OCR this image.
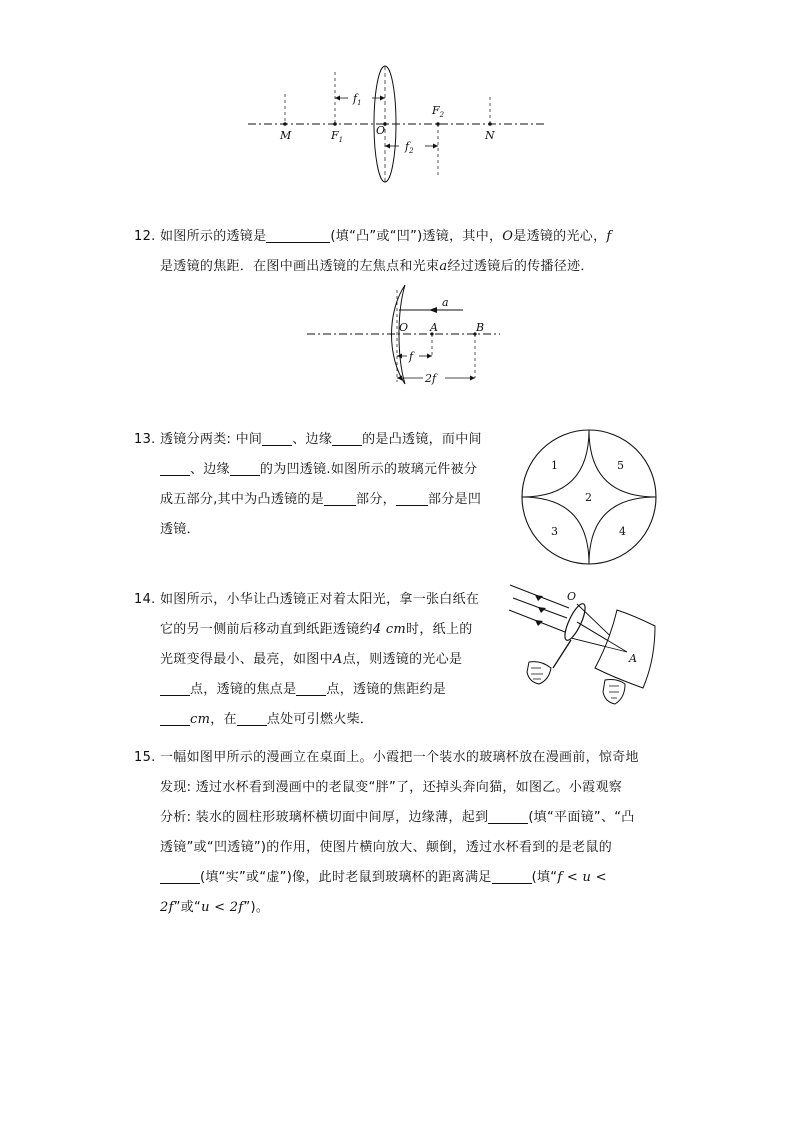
$f_1$
$f_2$
M	$F_1$
O
$F_2$
N
12. 如图所示的透镜是	(填“凸”或“凹”)透镜，其中，O是透镜的光心，f
是透镜的焦距．在图中画出透镜的左焦点和光束a经过透镜后的传播径迹．
a
O A	B
f
2f
13. 透镜分两类: 中间 、边缘 的是凸透镜，而中间
、边缘 的为凹透镜.如图所示的玻璃元件被分
成五部分,其中为凸透镜的是 部分， 部分是凹
透镜．
1	5
2
3	4
14. 如图所示，小华让凸透镜正对着太阳光，拿一张白纸在
它的另一侧前后移动直到纸距透镜约4 cm时，纸上的
光斑变得最小、最亮，如图中A点，则透镜的光心是
点，透镜的焦点是 点，透镜的焦距约是
cm，在 点处可引燃火柴．
O
A
15. 一幅如图甲所示的漫画立在桌面上。小霞把一个装水的玻璃杯放在漫画前，惊奇地
发现: 透过水杯看到漫画中的老鼠变“胖”了，还掉头奔向猫，如图乙。小霞观察
分析: 装水的圆柱形玻璃杯横切面中间厚，边缘薄，起到	(填“平面镜”、“凸
透镜”或“凹透镜”)的作用，使图片横向放大、颠倒，透过水杯看到的是老鼠的
(填“实”或“虚”)像，此时老鼠到玻璃杯的距离满足	(填“f < u <
2f”或“u < 2f”)。
